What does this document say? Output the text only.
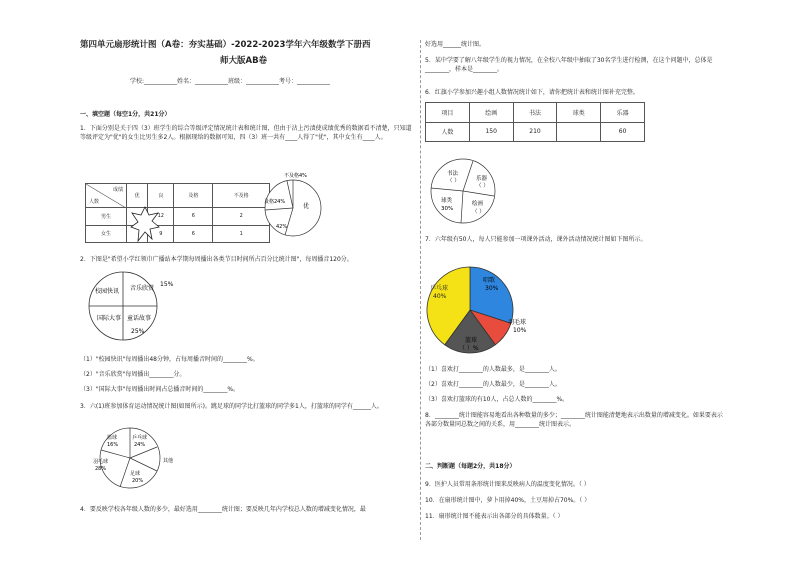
第四单元扇形统计图（A卷：夯实基础）-2022-2023学年六年级数学下册西
师大版AB卷
学校:___________姓名：___________班级：___________考号：___________
一、填空题（每空1分，共21分）
1．下面分别是关于四（3）班学生的综合等级评定情况统计表和统计图，但由于沾上污渍使成绩优秀的数据看不清楚，只知道等级评定为"优"的女生比男生多2人。根据现给的数据可知，四（3）班一共有____人得了"优"，其中女生有____人。
成绩
人数	优	良	及格	不及格
男生		12	6	2
女生		9	6	1
不及格4%
及格24%
优
42%
2．下图是"希望小学红领巾广播站本学期每周播出各类节目时间所占百分比统计图"，每周播音120分。
校园快讯 音乐欣赏
15%
国际大事 童话故事
25%
（1）"校园快讯"每周播出48分钟，占每周播音时间的________%。
（2）"音乐欣赏"每周播出________分。
（3）"国际大事"每周播出时间占总播音时间的________%。
3．六(1)班参加体育运动情况统计图(如图所示)。跳足球的同学比打篮球的同学多1人，打篮球的同学有______人。
篮球
16%
乒乓球
24%
其他
羽毛球
28%
足球
20%
4．要反映学校各年级人数的多少，最好选用________统计图；要反映几年内学校总人数的增减变化情况，最
好选用______统计图。
5．某中学要了解八年级学生的视力情况，在全校八年级中抽取了30名学生进行检测，在这个问题中，总体是________，样本是________。
6．红旗小学参加兴趣小组人数情况统计如下，请你把统计表和统计图补充完整。
项目	绘画	书法	球类	乐器
人数	150	210		60
书法
（ ）	乐器
（ ）
球类
30%
绘画
（ ）
7．六年级有50人，每人只能参加一项课外活动，课外活动情况统计图如下图所示。
唱歌
30%
羽毛球
10%
乒乓球
40%
篮球
（ ）%
（1）喜欢打________的人数最多，是________人。
（2）喜欢打________的人数最少，是________人。
（3）喜欢打篮球的有10人，占总人数的________%。
8．________统计图能容易地看出各种数量的多少；________统计图能清楚地表示出数量的增减变化。如果要表示各部分数量同总数之间的关系，用________统计图表示。
二、判断题（每题2分，共18分）
9．医护人员常用条形统计图来反映病人的温度变化情况。（ ）
10．在扇形统计图中，萝卜用掉40%，土豆用掉占70%。（ ）
11．扇形统计图不能表示出各部分的具体数量。（ ）
